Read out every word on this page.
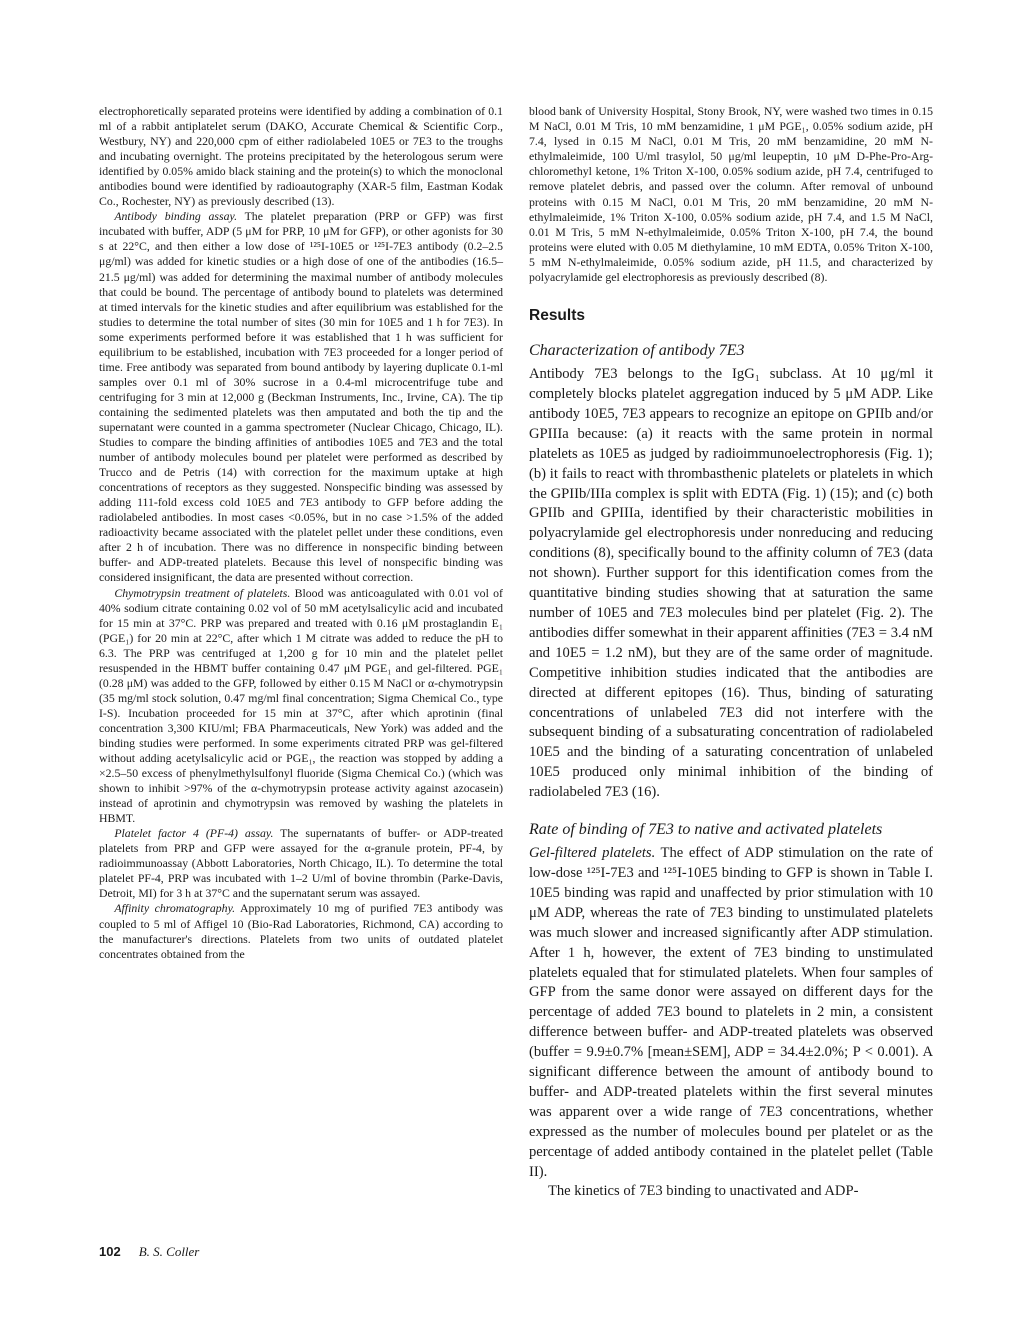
electrophoretically separated proteins were identified by adding a combination of 0.1 ml of a rabbit antiplatelet serum (DAKO, Accurate Chemical & Scientific Corp., Westbury, NY) and 220,000 cpm of either radiolabeled 10E5 or 7E3 to the troughs and incubating overnight. The proteins precipitated by the heterologous serum were identified by 0.05% amido black staining and the protein(s) to which the monoclonal antibodies bound were identified by radioautography (XAR-5 film, Eastman Kodak Co., Rochester, NY) as previously described (13).

Antibody binding assay. The platelet preparation (PRP or GFP) was first incubated with buffer, ADP (5 μM for PRP, 10 μM for GFP), or other agonists for 30 s at 22°C, and then either a low dose of ¹²⁵I-10E5 or ¹²⁵I-7E3 antibody (0.2–2.5 μg/ml) was added for kinetic studies or a high dose of one of the antibodies (16.5–21.5 μg/ml) was added for determining the maximal number of antibody molecules that could be bound. The percentage of antibody bound to platelets was determined at timed intervals for the kinetic studies and after equilibrium was established for the studies to determine the total number of sites (30 min for 10E5 and 1 h for 7E3). In some experiments performed before it was established that 1 h was sufficient for equilibrium to be established, incubation with 7E3 proceeded for a longer period of time. Free antibody was separated from bound antibody by layering duplicate 0.1-ml samples over 0.1 ml of 30% sucrose in a 0.4-ml microcentrifuge tube and centrifuging for 3 min at 12,000 g (Beckman Instruments, Inc., Irvine, CA). The tip containing the sedimented platelets was then amputated and both the tip and the supernatant were counted in a gamma spectrometer (Nuclear Chicago, Chicago, IL). Studies to compare the binding affinities of antibodies 10E5 and 7E3 and the total number of antibody molecules bound per platelet were performed as described by Trucco and de Petris (14) with correction for the maximum uptake at high concentrations of receptors as they suggested. Nonspecific binding was assessed by adding 111-fold excess cold 10E5 and 7E3 antibody to GFP before adding the radiolabeled antibodies. In most cases <0.05%, but in no case >1.5% of the added radioactivity became associated with the platelet pellet under these conditions, even after 2 h of incubation. There was no difference in nonspecific binding between buffer- and ADP-treated platelets. Because this level of nonspecific binding was considered insignificant, the data are presented without correction.

Chymotrypsin treatment of platelets. Blood was anticoagulated with 0.01 vol of 40% sodium citrate containing 0.02 vol of 50 mM acetylsalicylic acid and incubated for 15 min at 37°C. PRP was prepared and treated with 0.16 μM prostaglandin E₁ (PGE₁) for 20 min at 22°C, after which 1 M citrate was added to reduce the pH to 6.3. The PRP was centrifuged at 1,200 g for 10 min and the platelet pellet resuspended in the HBMT buffer containing 0.47 μM PGE₁ and gel-filtered. PGE₁ (0.28 μM) was added to the GFP, followed by either 0.15 M NaCl or α-chymotrypsin (35 mg/ml stock solution, 0.47 mg/ml final concentration; Sigma Chemical Co., type I-S). Incubation proceeded for 15 min at 37°C, after which aprotinin (final concentration 3,300 KIU/ml; FBA Pharmaceuticals, New York) was added and the binding studies were performed. In some experiments citrated PRP was gel-filtered without adding acetylsalicylic acid or PGE₁, the reaction was stopped by adding a ×2.5–50 excess of phenylmethylsulfonyl fluoride (Sigma Chemical Co.) (which was shown to inhibit >97% of the α-chymotrypsin protease activity against azocasein) instead of aprotinin and chymotrypsin was removed by washing the platelets in HBMT.

Platelet factor 4 (PF-4) assay. The supernatants of buffer- or ADP-treated platelets from PRP and GFP were assayed for the α-granule protein, PF-4, by radioimmunoassay (Abbott Laboratories, North Chicago, IL). To determine the total platelet PF-4, PRP was incubated with 1–2 U/ml of bovine thrombin (Parke-Davis, Detroit, MI) for 3 h at 37°C and the supernatant serum was assayed.

Affinity chromatography. Approximately 10 mg of purified 7E3 antibody was coupled to 5 ml of Affigel 10 (Bio-Rad Laboratories, Richmond, CA) according to the manufacturer's directions. Platelets from two units of outdated platelet concentrates obtained from the

blood bank of University Hospital, Stony Brook, NY, were washed two times in 0.15 M NaCl, 0.01 M Tris, 10 mM benzamidine, 1 μM PGE₁, 0.05% sodium azide, pH 7.4, lysed in 0.15 M NaCl, 0.01 M Tris, 20 mM benzamidine, 20 mM N-ethylmaleimide, 100 U/ml trasylol, 50 μg/ml leupeptin, 10 μM D-Phe-Pro-Arg-chloromethyl ketone, 1% Triton X-100, 0.05% sodium azide, pH 7.4, centrifuged to remove platelet debris, and passed over the column. After removal of unbound proteins with 0.15 M NaCl, 0.01 M Tris, 20 mM benzamidine, 20 mM N-ethylmaleimide, 1% Triton X-100, 0.05% sodium azide, pH 7.4, and 1.5 M NaCl, 0.01 M Tris, 5 mM N-ethylmaleimide, 0.05% Triton X-100, pH 7.4, the bound proteins were eluted with 0.05 M diethylamine, 10 mM EDTA, 0.05% Triton X-100, 5 mM N-ethylmaleimide, 0.05% sodium azide, pH 11.5, and characterized by polyacrylamide gel electrophoresis as previously described (8).

Results
Characterization of antibody 7E3

Antibody 7E3 belongs to the IgG₁ subclass. At 10 μg/ml it completely blocks platelet aggregation induced by 5 μM ADP. Like antibody 10E5, 7E3 appears to recognize an epitope on GPIIb and/or GPIIIa because: (a) it reacts with the same protein in normal platelets as 10E5 as judged by radioimmunoelectrophoresis (Fig. 1); (b) it fails to react with thrombasthenic platelets or platelets in which the GPIIb/IIIa complex is split with EDTA (Fig. 1) (15); and (c) both GPIIb and GPIIIa, identified by their characteristic mobilities in polyacrylamide gel electrophoresis under nonreducing and reducing conditions (8), specifically bound to the affinity column of 7E3 (data not shown). Further support for this identification comes from the quantitative binding studies showing that at saturation the same number of 10E5 and 7E3 molecules bind per platelet (Fig. 2). The antibodies differ somewhat in their apparent affinities (7E3 = 3.4 nM and 10E5 = 1.2 nM), but they are of the same order of magnitude. Competitive inhibition studies indicated that the antibodies are directed at different epitopes (16). Thus, binding of saturating concentrations of unlabeled 7E3 did not interfere with the subsequent binding of a subsaturating concentration of radiolabeled 10E5 and the binding of a saturating concentration of unlabeled 10E5 produced only minimal inhibition of the binding of radiolabeled 7E3 (16).

Rate of binding of 7E3 to native and activated platelets

Gel-filtered platelets. The effect of ADP stimulation on the rate of low-dose ¹²⁵I-7E3 and ¹²⁵I-10E5 binding to GFP is shown in Table I. 10E5 binding was rapid and unaffected by prior stimulation with 10 μM ADP, whereas the rate of 7E3 binding to unstimulated platelets was much slower and increased significantly after ADP stimulation. After 1 h, however, the extent of 7E3 binding to unstimulated platelets equaled that for stimulated platelets. When four samples of GFP from the same donor were assayed on different days for the percentage of added 7E3 bound to platelets in 2 min, a consistent difference between buffer- and ADP-treated platelets was observed (buffer = 9.9±0.7% [mean±SEM], ADP = 34.4±2.0%; P < 0.001). A significant difference between the amount of antibody bound to buffer- and ADP-treated platelets within the first several minutes was apparent over a wide range of 7E3 concentrations, whether expressed as the number of molecules bound per platelet or as the percentage of added antibody contained in the platelet pellet (Table II).

The kinetics of 7E3 binding to unactivated and ADP-

102 B. S. Coller
